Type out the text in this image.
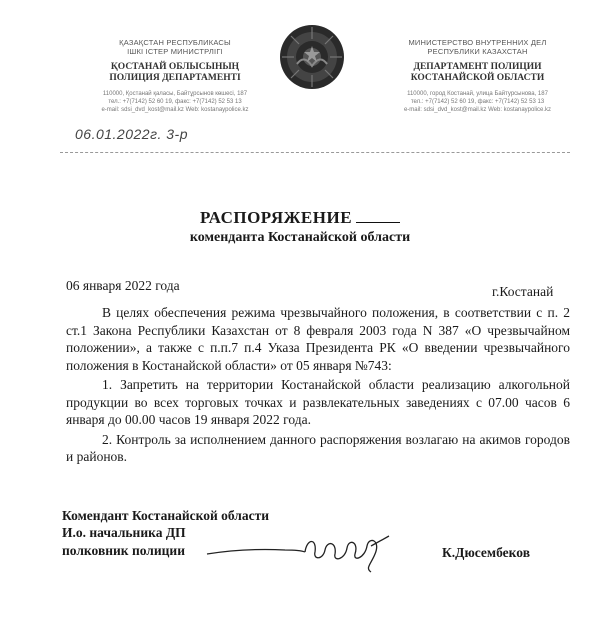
ҚАЗАҚСТАН РЕСПУБЛИКАСЫ
ІШКІ ІСТЕР МИНИСТРЛІГІ
ҚОСТАНАЙ ОБЛЫСЫНЫҢ
ПОЛИЦИЯ ДЕПАРТАМЕНТІ
110000, Қостанай қаласы, Байтұрсынов көшесі, 187
тел.: +7(7142) 52 60 19, факс: +7(7142) 52 53 13
e-mail: sdsi_dvd_kost@mail.kz Web: kostanaypolice.kz
МИНИСТЕРСТВО ВНУТРЕННИХ ДЕЛ
РЕСПУБЛИКИ КАЗАХСТАН
ДЕПАРТАМЕНТ ПОЛИЦИИ
КОСТАНАЙСКОЙ ОБЛАСТИ
110000, город Костанай, улица Байтурсынова, 187
тел.: +7(7142) 52 60 19, факс: +7(7142) 52 53 13
e-mail: sdsi_dvd_kost@mail.kz Web: kostanaypolice.kz
06.01.2022г. 3-р
РАСПОРЯЖЕНИЕ
коменданта Костанайской области
06 января 2022 года	г.Костанай

В целях обеспечения режима чрезвычайного положения, в соответствии с п. 2 ст.1 Закона Республики Казахстан от 8 февраля 2003 года N 387 «О чрезвычайном положении», а также с п.п.7 п.4 Указа Президента РК «О введении чрезвычайного положения в Костанайской области» от 05 января №743:

1. Запретить на территории Костанайской области реализацию алкогольной продукции во всех торговых точках и развлекательных заведениях с 07.00 часов 6 января до 00.00 часов 19 января 2022 года.

2. Контроль за исполнением данного распоряжения возлагаю на акимов городов и районов.

Комендант Костанайской области
И.о. начальника ДП
полковник полиции	К.Дюсембеков
